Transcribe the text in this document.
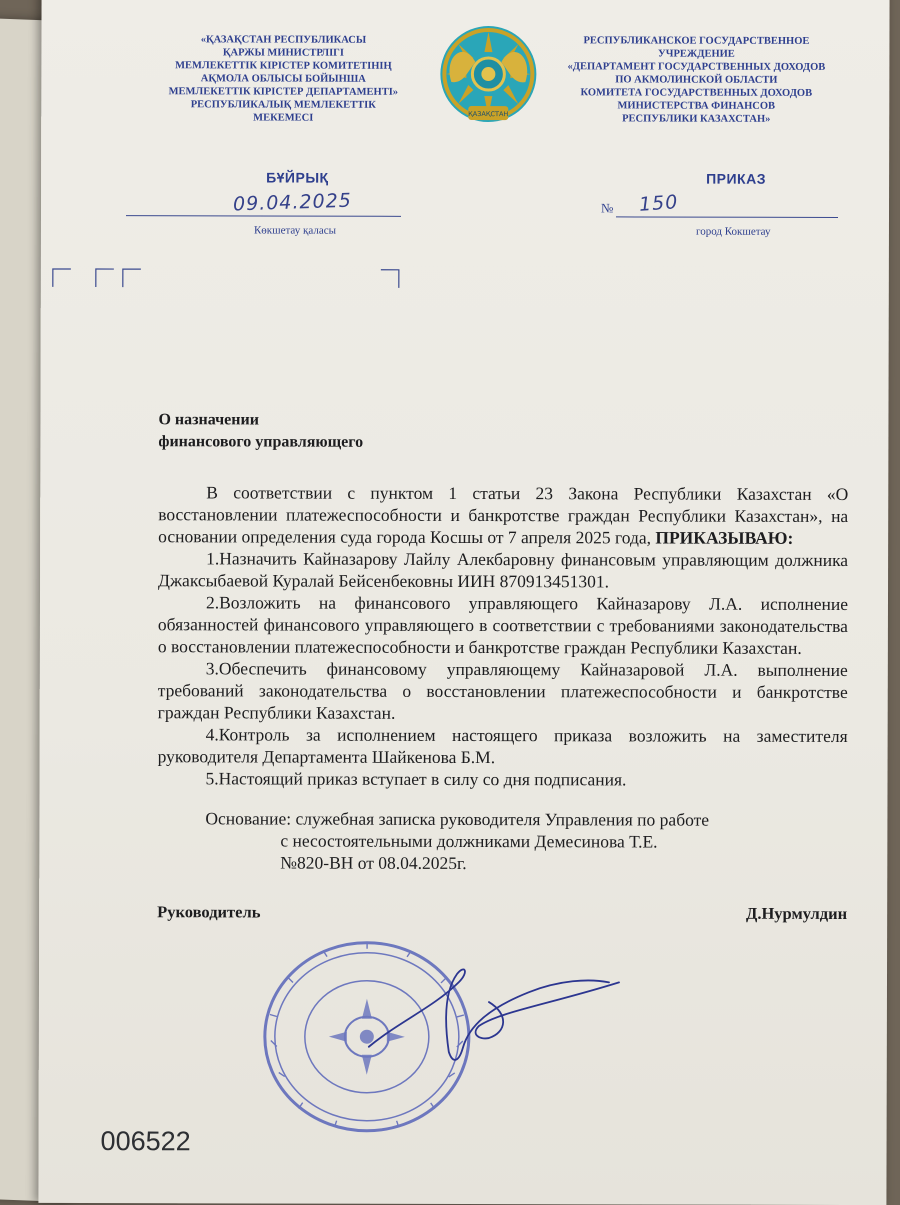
«ҚАЗАҚСТАН РЕСПУБЛИКАСЫ
ҚАРЖЫ МИНИСТРЛІГІ
МЕМЛЕКЕТТІК КІРІСТЕР КОМИТЕТІНІҢ
АҚМОЛА ОБЛЫСЫ БОЙЫНША
МЕМЛЕКЕТТІК КІРІСТЕР ДЕПАРТАМЕНТІ»
РЕСПУБЛИКАЛЫҚ МЕМЛЕКЕТТІК
МЕКЕМЕСІ	ҚАЗАҚСТАН
РЕСПУБЛИКАНСКОЕ ГОСУДАРСТВЕННОЕ
УЧРЕЖДЕНИЕ
«ДЕПАРТАМЕНТ ГОСУДАРСТВЕННЫХ ДОХОДОВ
ПО АКМОЛИНСКОЙ ОБЛАСТИ
КОМИТЕТА ГОСУДАРСТВЕННЫХ ДОХОДОВ
МИНИСТЕРСТВА ФИНАНСОВ
РЕСПУБЛИКИ КАЗАХСТАН»
БҰЙРЫҚ	ПРИКАЗ
09.04.2025	№ 150
Көкшетау қаласы	город Кокшетау
О назначении
финансового управляющего

В соответствии с пунктом 1 статьи 23 Закона Республики Казахстан «О восстановлении платежеспособности и банкротстве граждан Республики Казахстан», на основании определения суда города Косшы от 7 апреля 2025 года, ПРИКАЗЫВАЮ:

1.Назначить Кайназарову Лайлу Алекбаровну финансовым управляющим должника Джаксыбаевой Куралай Бейсенбековны ИИН 870913451301.

2.Возложить на финансового управляющего Кайназарову Л.А. исполнение обязанностей финансового управляющего в соответствии с требованиями законодательства о восстановлении платежеспособности и банкротстве граждан Республики Казахстан.

3.Обеспечить финансовому управляющему Кайназаровой Л.А. выполнение требований законодательства о восстановлении платежеспособности и банкротстве граждан Республики Казахстан.

4.Контроль за исполнением настоящего приказа возложить на заместителя руководителя Департамента Шайкенова Б.М.

5.Настоящий приказ вступает в силу со дня подписания.

Основание: служебная записка руководителя Управления по работе
с несостоятельными должниками Демесинова Т.Е.
№820-ВН от 08.04.2025г.

Руководитель	Д.Нурмулдин
006522
